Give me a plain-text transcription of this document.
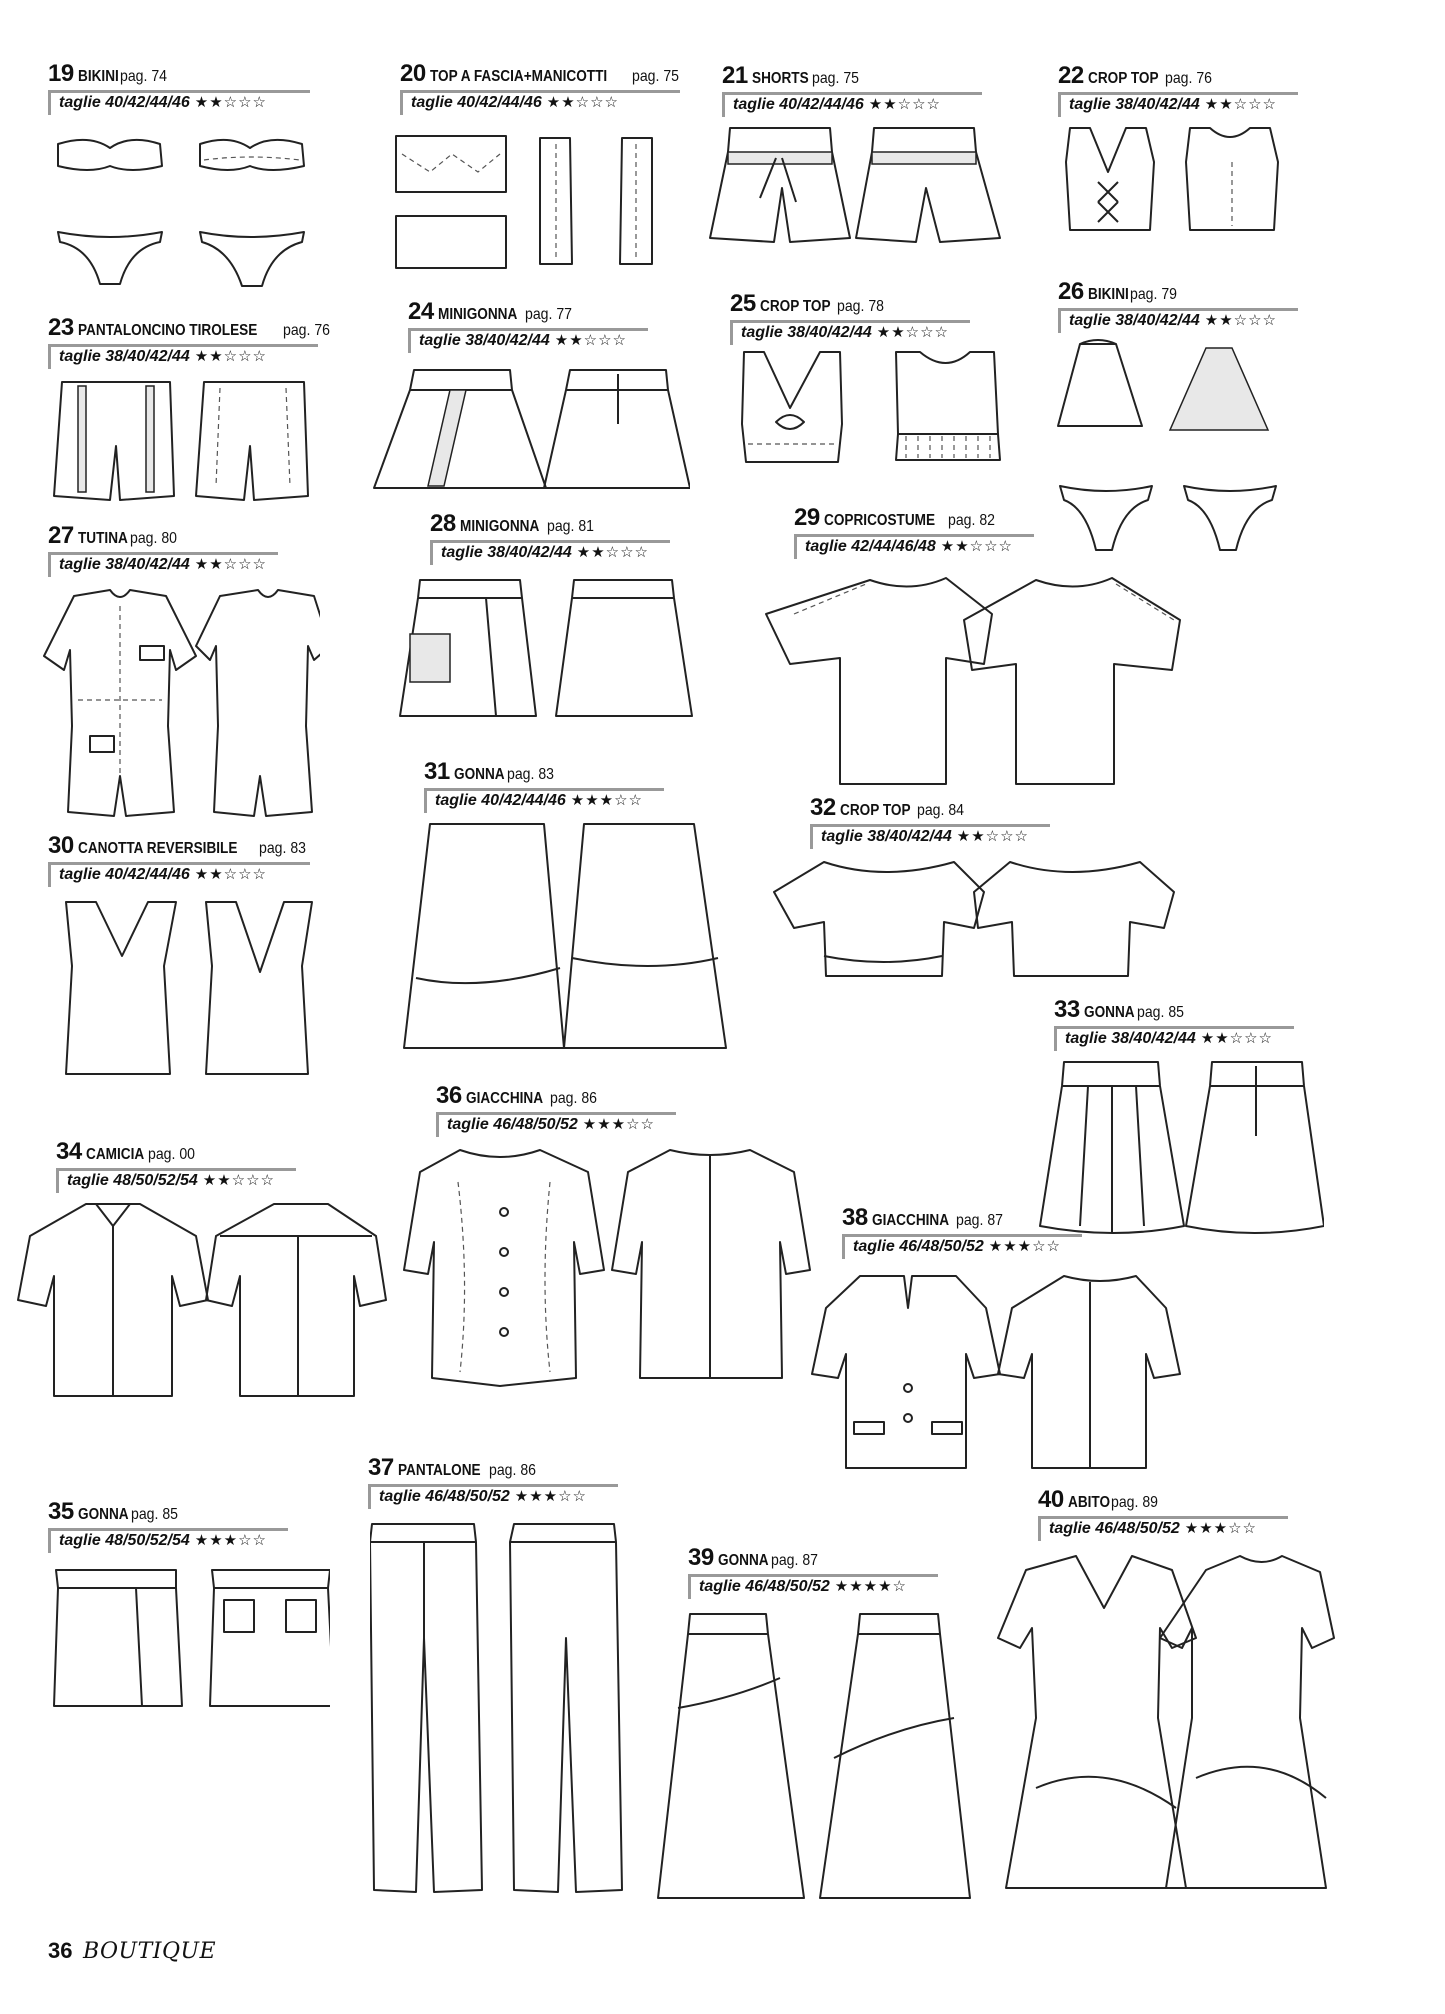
19 BIKINIpag. 74
taglie 40/42/44/46 ★★☆☆☆
20 TOP A FASCIA+MANICOTTI pag. 75
taglie 40/42/44/46 ★★☆☆☆
21 SHORTS pag. 75
taglie 40/42/44/46 ★★☆☆☆
22 CROP TOP pag. 76
taglie 38/40/42/44 ★★☆☆☆
23 PANTALONCINO TIROLESE pag. 76
taglie 38/40/42/44 ★★☆☆☆
24 MINIGONNA pag. 77
taglie 38/40/42/44 ★★☆☆☆
25 CROP TOP pag. 78
taglie 38/40/42/44 ★★☆☆☆
26 BIKINIpag. 79
taglie 38/40/42/44 ★★☆☆☆
27 TUTINA pag. 80
taglie 38/40/42/44 ★★☆☆☆
28 MINIGONNA pag. 81
taglie 38/40/42/44 ★★☆☆☆
29 COPRICOSTUME pag. 82
taglie 42/44/46/48 ★★☆☆☆
30 CANOTTA REVERSIBILE pag. 83
taglie 40/42/44/46 ★★☆☆☆
31 GONNA pag. 83
taglie 40/42/44/46 ★★★☆☆	32 CROP TOP pag. 84
taglie 38/40/42/44 ★★☆☆☆
33 GONNA pag. 85
taglie 38/40/42/44 ★★☆☆☆
34 CAMICIA pag. 00
taglie 48/50/52/54 ★★☆☆☆
36 GIACCHINA pag. 86
taglie 46/48/50/52 ★★★☆☆
38 GIACCHINA pag. 87
taglie 46/48/50/52 ★★★☆☆
35 GONNA pag. 85
taglie 48/50/52/54 ★★★☆☆
37 PANTALONE pag. 86
taglie 46/48/50/52 ★★★☆☆
39 GONNA pag. 87
taglie 46/48/50/52 ★★★★☆
40 ABITOpag. 89
taglie 46/48/50/52 ★★★☆☆
36 BOUTIQUE
